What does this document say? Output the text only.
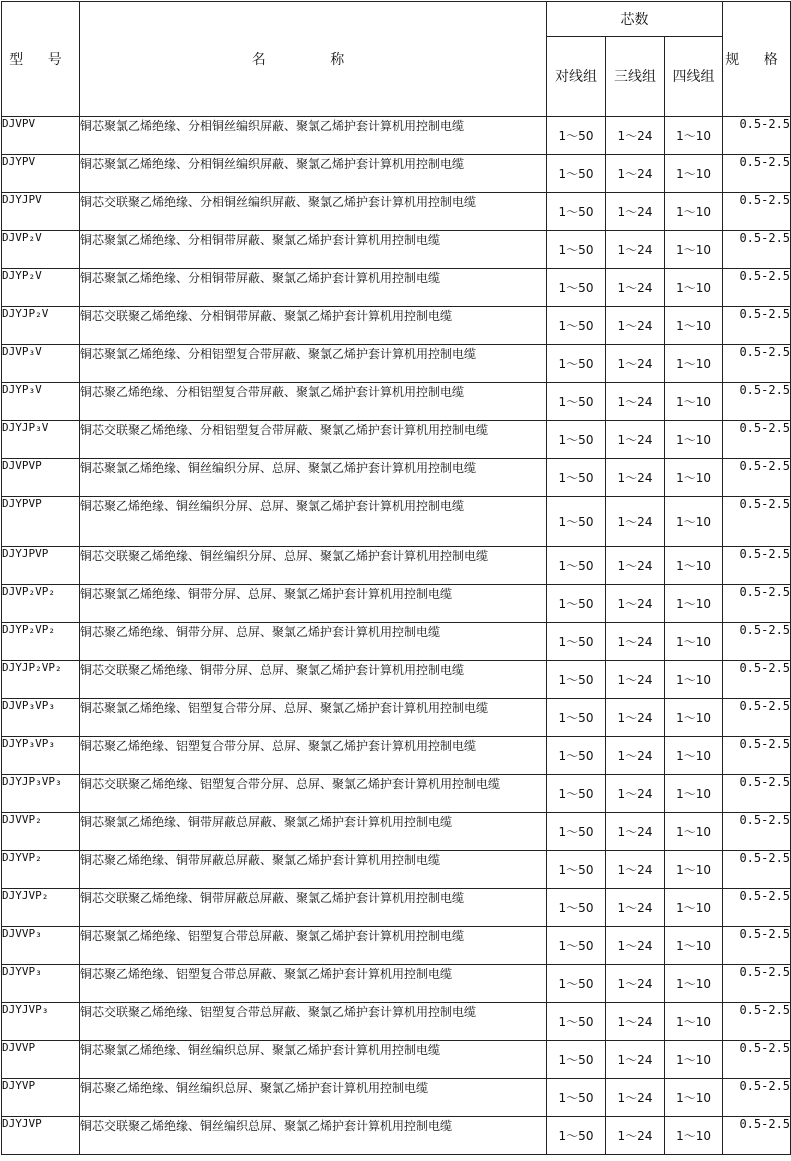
型 号	名 称	芯数			规 格
		对线组	三线组	四线组	
DJVPV	铜芯聚氯乙烯绝缘、分相铜丝编织屏蔽、聚氯乙烯护套计算机用控制电缆	1～50	1～24	1～10	0.5-2.5
DJYPV	铜芯聚氯乙烯绝缘、分相铜丝编织屏蔽、聚氯乙烯护套计算机用控制电缆	1～50	1～24	1～10	0.5-2.5
DJYJPV	铜芯交联聚乙烯绝缘、分相铜丝编织屏蔽、聚氯乙烯护套计算机用控制电缆	1～50	1～24	1～10	0.5-2.5
DJVP₂V	铜芯聚氯乙烯绝缘、分相铜带屏蔽、聚氯乙烯护套计算机用控制电缆	1～50	1～24	1～10	0.5-2.5
DJYP₂V	铜芯聚氯乙烯绝缘、分相铜带屏蔽、聚氯乙烯护套计算机用控制电缆	1～50	1～24	1～10	0.5-2.5
DJYJP₂V	铜芯交联聚乙烯绝缘、分相铜带屏蔽、聚氯乙烯护套计算机用控制电缆	1～50	1～24	1～10	0.5-2.5
DJVP₃V	铜芯聚氯乙烯绝缘、分相铝塑复合带屏蔽、聚氯乙烯护套计算机用控制电缆	1～50	1～24	1～10	0.5-2.5
DJYP₃V	铜芯聚乙烯绝缘、分相铝塑复合带屏蔽、聚氯乙烯护套计算机用控制电缆	1～50	1～24	1～10	0.5-2.5
DJYJP₃V	铜芯交联聚乙烯绝缘、分相铝塑复合带屏蔽、聚氯乙烯护套计算机用控制电缆	1～50	1～24	1～10	0.5-2.5
DJVPVP	铜芯聚氯乙烯绝缘、铜丝编织分屏、总屏、聚氯乙烯护套计算机用控制电缆	1～50	1～24	1～10	0.5-2.5
DJYPVP	铜芯聚乙烯绝缘、铜丝编织分屏、总屏、聚氯乙烯护套计算机用控制电缆	1～50	1～24	1～10	0.5-2.5
DJYJPVP	铜芯交联聚乙烯绝缘、铜丝编织分屏、总屏、聚氯乙烯护套计算机用控制电缆	1～50	1～24	1～10	0.5-2.5
DJVP₂VP₂	铜芯聚氯乙烯绝缘、铜带分屏、总屏、聚氯乙烯护套计算机用控制电缆	1～50	1～24	1～10	0.5-2.5
DJYP₂VP₂	铜芯聚乙烯绝缘、铜带分屏、总屏、聚氯乙烯护套计算机用控制电缆	1～50	1～24	1～10	0.5-2.5
DJYJP₂VP₂	铜芯交联聚乙烯绝缘、铜带分屏、总屏、聚氯乙烯护套计算机用控制电缆	1～50	1～24	1～10	0.5-2.5
DJVP₃VP₃	铜芯聚氯乙烯绝缘、铝塑复合带分屏、总屏、聚氯乙烯护套计算机用控制电缆	1～50	1～24	1～10	0.5-2.5
DJYP₃VP₃	铜芯聚乙烯绝缘、铝塑复合带分屏、总屏、聚氯乙烯护套计算机用控制电缆	1～50	1～24	1～10	0.5-2.5
DJYJP₃VP₃	铜芯交联聚乙烯绝缘、铝塑复合带分屏、总屏、聚氯乙烯护套计算机用控制电缆	1～50	1～24	1～10	0.5-2.5
DJVVP₂	铜芯聚氯乙烯绝缘、铜带屏蔽总屏蔽、聚氯乙烯护套计算机用控制电缆	1～50	1～24	1～10	0.5-2.5
DJYVP₂	铜芯聚乙烯绝缘、铜带屏蔽总屏蔽、聚氯乙烯护套计算机用控制电缆	1～50	1～24	1～10	0.5-2.5
DJYJVP₂	铜芯交联聚乙烯绝缘、铜带屏蔽总屏蔽、聚氯乙烯护套计算机用控制电缆	1～50	1～24	1～10	0.5-2.5
DJVVP₃	铜芯聚氯乙烯绝缘、铝塑复合带总屏蔽、聚氯乙烯护套计算机用控制电缆	1～50	1～24	1～10	0.5-2.5
DJYVP₃	铜芯聚乙烯绝缘、铝塑复合带总屏蔽、聚氯乙烯护套计算机用控制电缆	1～50	1～24	1～10	0.5-2.5
DJYJVP₃	铜芯交联聚乙烯绝缘、铝塑复合带总屏蔽、聚氯乙烯护套计算机用控制电缆	1～50	1～24	1～10	0.5-2.5
DJVVP	铜芯聚氯乙烯绝缘、铜丝编织总屏、聚氯乙烯护套计算机用控制电缆	1～50	1～24	1～10	0.5-2.5
DJYVP	铜芯聚乙烯绝缘、铜丝编织总屏、聚氯乙烯护套计算机用控制电缆	1～50	1～24	1～10	0.5-2.5
DJYJVP	铜芯交联聚乙烯绝缘、铜丝编织总屏、聚氯乙烯护套计算机用控制电缆	1～50	1～24	1～10	0.5-2.5
